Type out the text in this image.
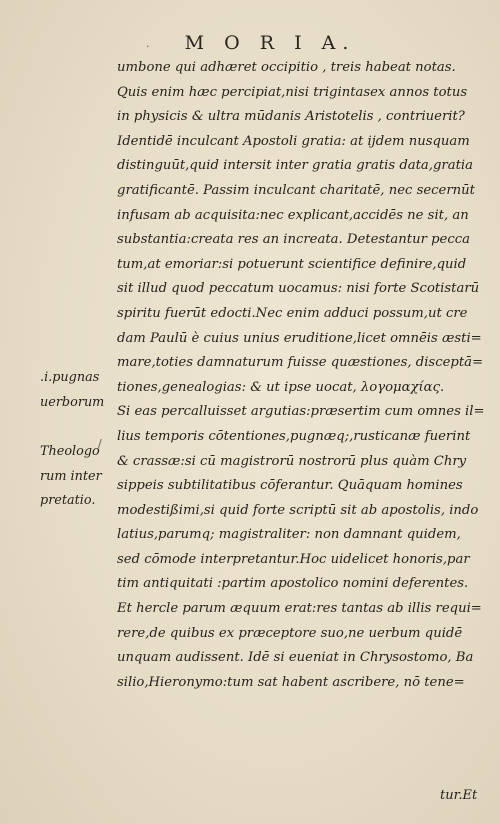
· M O R I A.
umbone qui adhæret occipitio , treis habeat notas.
Quis enim hæc percipiat,nisi trigintasex annos totus
in physicis & ultra mūdanis Aristotelis , contriuerit?
Identidē inculcant Apostoli gratia: at ijdem nusquam
distinguūt,quid intersit inter gratia gratis data,gratia
gratificantē. Passim inculcant charitatē, nec secernūt
infusam ab acquisita:nec explicant,accidēs ne sit, an
substantia:creata res an increata. Detestantur pecca
tum,at emoriar:si potuerunt scientifice definire,quid
sit illud quod peccatum uocamus: nisi forte Scotistarū
spiritu fuerūt edocti.Nec enim adduci possum,ut cre
dam Paulū è cuius unius eruditione,licet omnēis æsti=
mare,toties damnaturum fuisse quæstiones, disceptā=
tiones,genealogias: & ut ipse uocat, λογομαχίας.
Si eas percalluisset argutias:præsertim cum omnes il=
lius temporis cōtentiones,pugnæq;,rusticanæ fuerint
& crassæ:si cū magistrorū nostrorū plus quàm Chry
sippeis subtilitatibus cōferantur. Quāquam homines
modestißimi,si quid forte scriptū sit ab apostolis, indo
latius,parumq; magistraliter: non damnant quidem,
sed cōmode interpretantur.Hoc uidelicet honoris,par
tim antiquitati :partim apostolico nomini deferentes.
Et hercle parum æquum erat:res tantas ab illis requi=
rere,de quibus ex præceptore suo,ne uerbum quidē
unquam audissent. Idē si eueniat in Chrysostomo, Ba
silio,Hieronymo:tum sat habent ascribere, nō tene=
.i.pugnas
uerborum
/
Theologo
rum inter
pretatio.
tur.Et
